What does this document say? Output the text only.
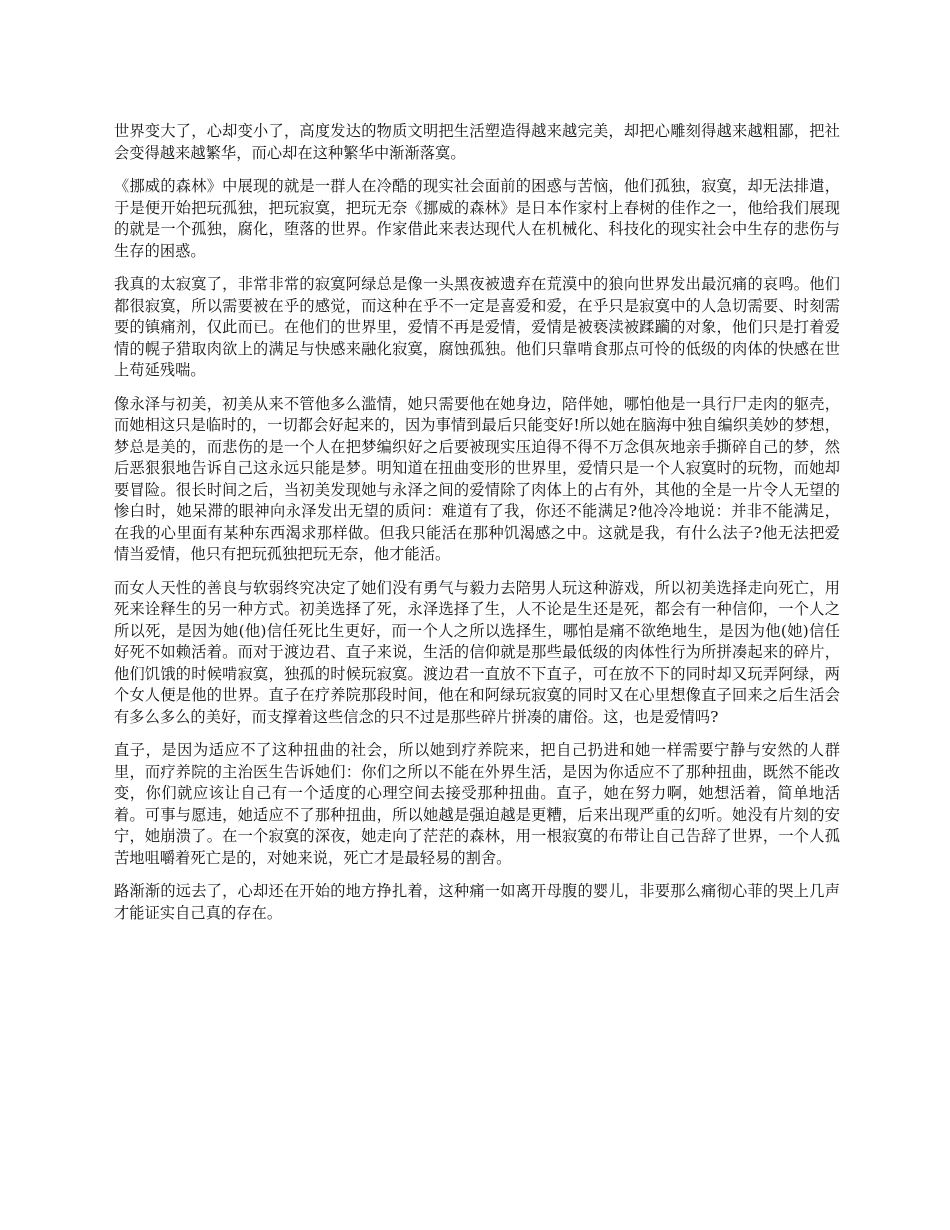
世界变大了，心却变小了，高度发达的物质文明把生活塑造得越来越完美，却把心雕刻得越来越粗鄙，把社会变得越来越繁华，而心却在这种繁华中渐渐落寞。

《挪威的森林》中展现的就是一群人在冷酷的现实社会面前的困惑与苦恼，他们孤独，寂寞，却无法排遣，于是便开始把玩孤独，把玩寂寞，把玩无奈《挪威的森林》是日本作家村上春树的佳作之一，他给我们展现的就是一个孤独，腐化，堕落的世界。作家借此来表达现代人在机械化、科技化的现实社会中生存的悲伤与生存的困惑。

我真的太寂寞了，非常非常的寂寞阿绿总是像一头黑夜被遗弃在荒漠中的狼向世界发出最沉痛的哀鸣。他们都很寂寞，所以需要被在乎的感觉，而这种在乎不一定是喜爱和爱，在乎只是寂寞中的人急切需要、时刻需要的镇痛剂，仅此而已。在他们的世界里，爱情不再是爱情，爱情是被亵渎被蹂躏的对象，他们只是打着爱情的幌子猎取肉欲上的满足与快感来融化寂寞，腐蚀孤独。他们只靠啃食那点可怜的低级的肉体的快感在世上苟延残喘。

像永泽与初美，初美从来不管他多么滥情，她只需要他在她身边，陪伴她，哪怕他是一具行尸走肉的躯壳，而她相这只是临时的，一切都会好起来的，因为事情到最后只能变好!所以她在脑海中独自编织美妙的梦想，梦总是美的，而悲伤的是一个人在把梦编织好之后要被现实压迫得不得不万念俱灰地亲手撕碎自己的梦，然后恶狠狠地告诉自己这永远只能是梦。明知道在扭曲变形的世界里，爱情只是一个人寂寞时的玩物，而她却要冒险。很长时间之后，当初美发现她与永泽之间的爱情除了肉体上的占有外，其他的全是一片令人无望的惨白时，她呆滞的眼神向永泽发出无望的质问：难道有了我，你还不能满足?他冷冷地说：并非不能满足，在我的心里面有某种东西渴求那样做。但我只能活在那种饥渴感之中。这就是我，有什么法子?他无法把爱情当爱情，他只有把玩孤独把玩无奈，他才能活。

而女人天性的善良与软弱终究决定了她们没有勇气与毅力去陪男人玩这种游戏，所以初美选择走向死亡，用死来诠释生的另一种方式。初美选择了死，永泽选择了生，人不论是生还是死，都会有一种信仰，一个人之所以死，是因为她(他)信任死比生更好，而一个人之所以选择生，哪怕是痛不欲绝地生，是因为他(她)信任好死不如赖活着。而对于渡边君、直子来说，生活的信仰就是那些最低级的肉体性行为所拼凑起来的碎片，他们饥饿的时候啃寂寞，独孤的时候玩寂寞。渡边君一直放不下直子，可在放不下的同时却又玩弄阿绿，两个女人便是他的世界。直子在疗养院那段时间，他在和阿绿玩寂寞的同时又在心里想像直子回来之后生活会有多么多么的美好，而支撑着这些信念的只不过是那些碎片拼凑的庸俗。这，也是爱情吗?

直子，是因为适应不了这种扭曲的社会，所以她到疗养院来，把自己扔进和她一样需要宁静与安然的人群里，而疗养院的主治医生告诉她们：你们之所以不能在外界生活，是因为你适应不了那种扭曲，既然不能改变，你们就应该让自己有一个适度的心理空间去接受那种扭曲。直子，她在努力啊，她想活着，简单地活着。可事与愿违，她适应不了那种扭曲，所以她越是强迫越是更糟，后来出现严重的幻听。她没有片刻的安宁，她崩溃了。在一个寂寞的深夜，她走向了茫茫的森林，用一根寂寞的布带让自己告辞了世界，一个人孤苦地咀嚼着死亡是的，对她来说，死亡才是最轻易的割舍。

路渐渐的远去了，心却还在开始的地方挣扎着，这种痛一如离开母腹的婴儿，非要那么痛彻心菲的哭上几声才能证实自己真的存在。
